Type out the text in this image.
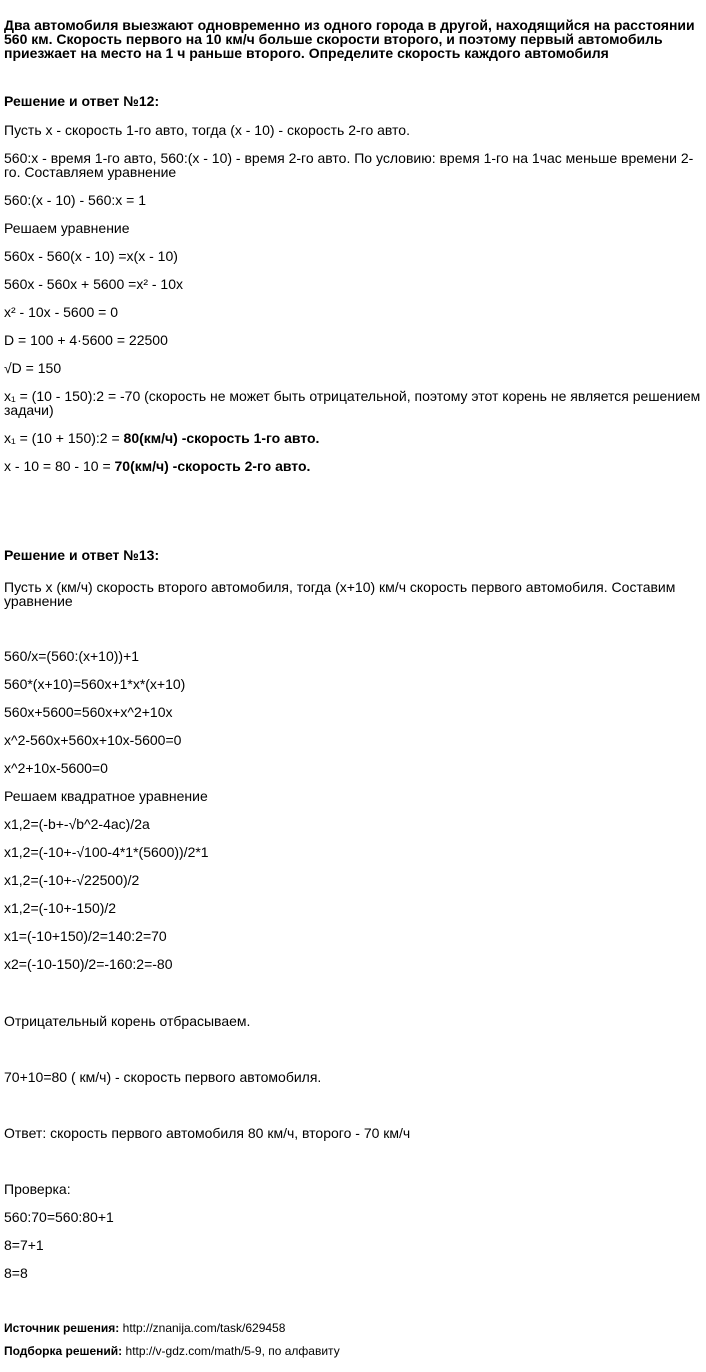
Два автомобиля выезжают одновременно из одного города в другой, находящийся на расстоянии 560 км. Скорость первого на 10 км/ч больше скорости второго, и поэтому первый автомобиль приезжает на место на 1 ч раньше второго. Определите скорость каждого автомобиля
Решение и ответ №12:
Пусть х - скорость 1-го авто, тогда (х - 10) - скорость 2-го авто.
560:х - время 1-го авто, 560:(х - 10) - время 2-го авто. По условию: время 1-го на 1час меньше времени 2-го. Составляем уравнение
560:(х - 10) - 560:х = 1
Решаем уравнение
560х - 560(х - 10) =х(х - 10)
560х - 560х + 5600 =х² - 10х
х² - 10х - 5600 = 0
D = 100 + 4·5600 = 22500
√D = 150
х₁ = (10 - 150):2 = -70 (скорость не может быть отрицательной, поэтому этот корень не является решением задачи)
х₁ = (10 + 150):2 = 80(км/ч) -скорость 1-го авто.
х - 10 = 80 - 10 = 70(км/ч) -скорость 2-го авто.
Решение и ответ №13:
Пусть x (км/ч) скорость второго автомобиля, тогда (x+10) км/ч скорость первого автомобиля. Составим уравнение
560/x=(560:(x+10))+1
560*(x+10)=560x+1*x*(x+10)
560x+5600=560x+x^2+10x
x^2-560x+560x+10x-5600=0
x^2+10x-5600=0
Решаем квадратное уравнение
x1,2=(-b+-√b^2-4ac)/2a
x1,2=(-10+-√100-4*1*(5600))/2*1
x1,2=(-10+-√22500)/2
x1,2=(-10+-150)/2
x1=(-10+150)/2=140:2=70
x2=(-10-150)/2=-160:2=-80
Отрицательный корень отбрасываем.
70+10=80 ( км/ч) - скорость первого автомобиля.
Ответ: скорость первого автомобиля 80 км/ч, второго - 70 км/ч
Проверка:
560:70=560:80+1
8=7+1
8=8
Источник решения: http://znanija.com/task/629458
Подборка решений: http://v-gdz.com/math/5-9, по алфавиту
